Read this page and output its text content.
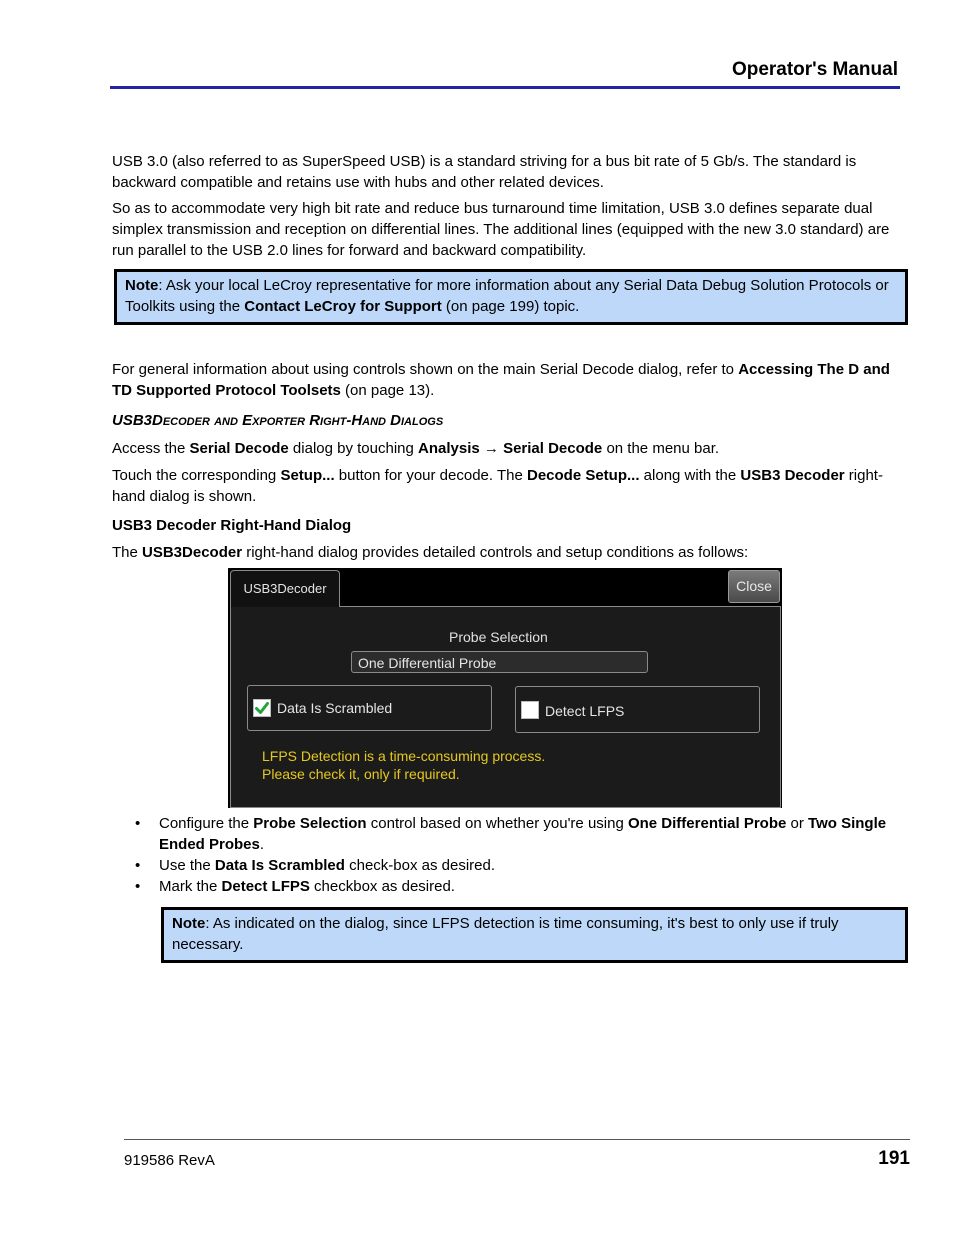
Operator's Manual
USB 3.0 (also referred to as SuperSpeed USB) is a standard striving for a bus bit rate of 5 Gb/s. The standard is backward compatible and retains use with hubs and other related devices.
So as to accommodate very high bit rate and reduce bus turnaround time limitation, USB 3.0 defines separate dual simplex transmission and reception on differential lines. The additional lines (equipped with the new 3.0 standard) are run parallel to the USB 2.0 lines for forward and backward compatibility.
Note: Ask your local LeCroy representative for more information about any Serial Data Debug Solution Protocols or Toolkits using the Contact LeCroy for Support (on page 199) topic.
For general information about using controls shown on the main Serial Decode dialog, refer to Accessing The D and TD Supported Protocol Toolsets (on page 13).
USB3Decoder and Exporter Right-Hand Dialogs
Access the Serial Decode dialog by touching Analysis → Serial Decode on the menu bar.
Touch the corresponding Setup... button for your decode. The Decode Setup... along with the USB3 Decoder right-hand dialog is shown.
USB3 Decoder Right-Hand Dialog
The USB3Decoder right-hand dialog provides detailed controls and setup conditions as follows:
Probe Selection
One Differential Probe
Data Is Scrambled	Detect LFPS
LFPS Detection is a time-consuming process.
Please check it, only if required.
USB3Decoder	Close
• Configure the Probe Selection control based on whether you're using One Differential Probe or Two Single Ended Probes.
• Use the Data Is Scrambled check-box as desired.
• Mark the Detect LFPS checkbox as desired.
Note: As indicated on the dialog, since LFPS detection is time consuming, it's best to only use if truly necessary.
919586 RevA	191
